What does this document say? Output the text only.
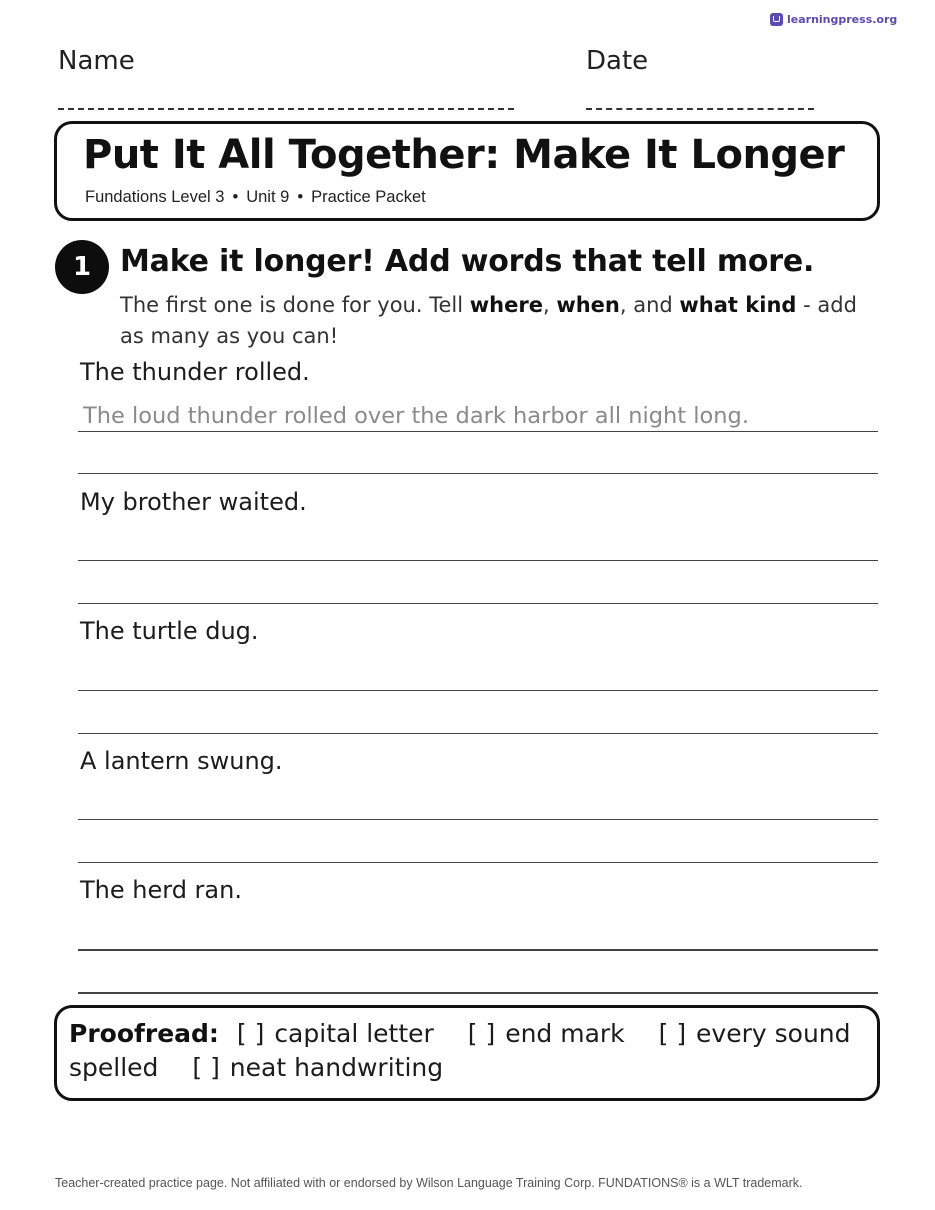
learningpress.org
Name	Date
Put It All Together: Make It Longer
Fundations Level 3 • Unit 9 • Practice Packet
1 Make it longer! Add words that tell more.
The first one is done for you. Tell where, when, and what kind - add as many as you can!
The thunder rolled.
The loud thunder rolled over the dark harbor all night long.
My brother waited.
The turtle dug.
A lantern swung.
The herd ran.
Proofread: [ ] capital letter [ ] end mark [ ] every sound spelled [ ] neat handwriting
Teacher-created practice page. Not affiliated with or endorsed by Wilson Language Training Corp. FUNDATIONS® is a WLT trademark.
